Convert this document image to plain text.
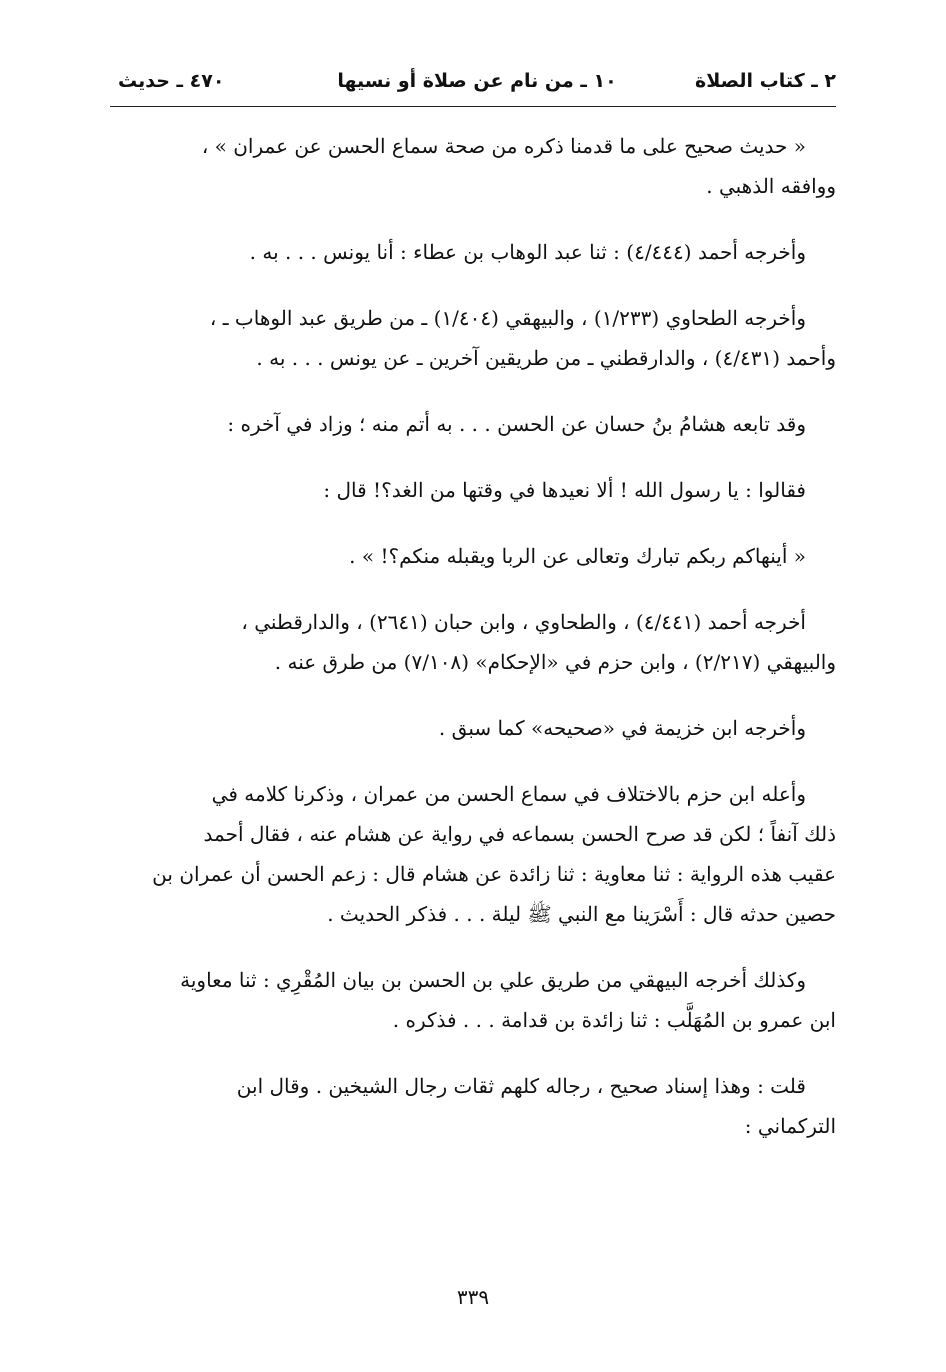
٢ ـ كتاب الصلاة
١٠ ـ من نام عن صلاة أو نسيها
٤٧٠ ـ حديث
« حديث صحيح على ما قدمنا ذكره من صحة سماع الحسن عن عمران » ،
ووافقه الذهبي .
وأخرجه أحمد (٤/٤٤٤) : ثنا عبد الوهاب بن عطاء : أنا يونس . . . به .
وأخرجه الطحاوي (١/٢٣٣) ، والبيهقي (١/٤٠٤) ـ من طريق عبد الوهاب ـ ،
وأحمد (٤/٤٣١) ، والدارقطني ـ من طريقين آخرين ـ عن يونس . . . به .
وقد تابعه هشامُ بنُ حسان عن الحسن . . . به أتم منه ؛ وزاد في آخره :
فقالوا : يا رسول الله ! ألا نعيدها في وقتها من الغد؟! قال :
« أينهاكم ربكم تبارك وتعالى عن الربا ويقبله منكم؟! » .
أخرجه أحمد (٤/٤٤١) ، والطحاوي ، وابن حبان (٢٦٤١) ، والدارقطني ،
والبيهقي (٢/٢١٧) ، وابن حزم في «الإحكام» (٧/١٠٨) من طرق عنه .
وأخرجه ابن خزيمة في «صحيحه» كما سبق .
وأعله ابن حزم بالاختلاف في سماع الحسن من عمران ، وذكرنا كلامه في
ذلك آنفاً ؛ لكن قد صرح الحسن بسماعه في رواية عن هشام عنه ، فقال أحمد
عقيب هذه الرواية : ثنا معاوية : ثنا زائدة عن هشام قال : زعم الحسن أن عمران بن
حصين حدثه قال : أَسْرَينا مع النبي ﷺ ليلة . . . فذكر الحديث .
وكذلك أخرجه البيهقي من طريق علي بن الحسن بن بيان المُقْرِي : ثنا معاوية
ابن عمرو بن المُهَلَّب : ثنا زائدة بن قدامة . . . فذكره .
قلت : وهذا إسناد صحيح ، رجاله كلهم ثقات رجال الشيخين . وقال ابن
التركماني :
٣٣٩
